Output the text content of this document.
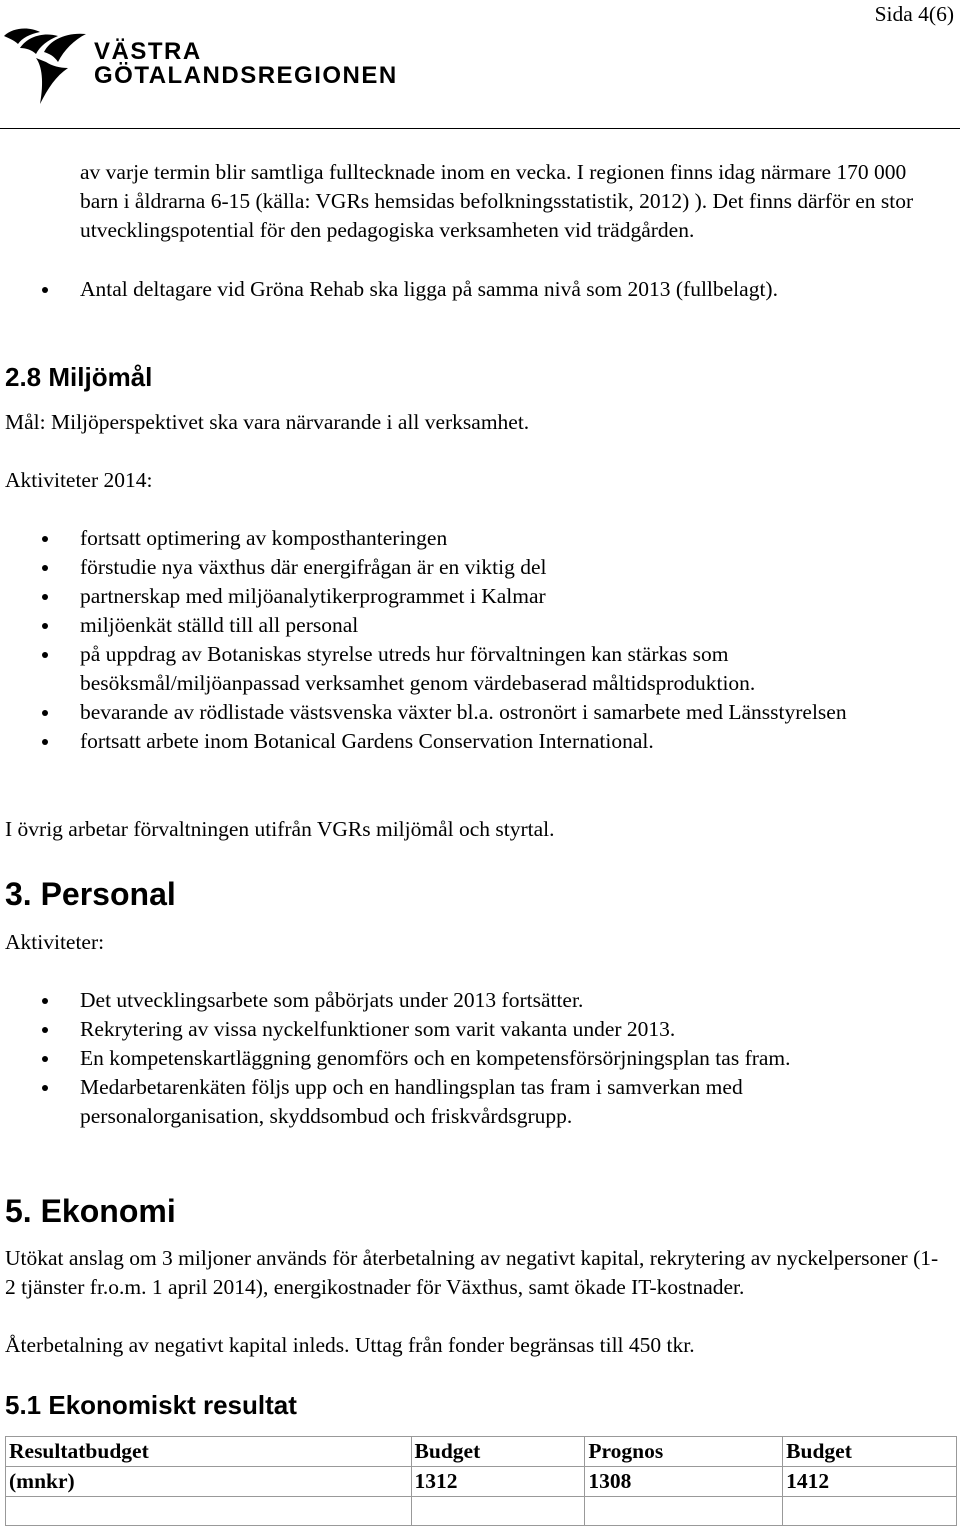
Sida 4(6)
VÄSTRA
GÖTALANDSREGIONEN
av varje termin blir samtliga fulltecknade inom en vecka. I regionen finns idag närmare 170 000 barn i åldrarna 6-15 (källa: VGRs hemsidas befolkningsstatistik, 2012) ). Det finns därför en stor utvecklingspotential för den pedagogiska verksamheten vid trädgården.
Antal deltagare vid Gröna Rehab ska ligga på samma nivå som 2013 (fullbelagt).
2.8 Miljömål
Mål: Miljöperspektivet ska vara närvarande i all verksamhet.
Aktiviteter 2014:
fortsatt optimering av komposthanteringen
förstudie nya växthus där energifrågan är en viktig del
partnerskap med miljöanalytikerprogrammet i Kalmar
miljöenkät ställd till all personal
på uppdrag av Botaniskas styrelse utreds hur förvaltningen kan stärkas som besöksmål/miljöanpassad verksamhet genom värdebaserad måltidsproduktion.
bevarande av rödlistade västsvenska växter bl.a. ostronört i samarbete med Länsstyrelsen
fortsatt arbete inom Botanical Gardens Conservation International.
I övrig arbetar förvaltningen utifrån VGRs miljömål och styrtal.
3. Personal
Aktiviteter:
Det utvecklingsarbete som påbörjats under 2013 fortsätter.
Rekrytering av vissa nyckelfunktioner som varit vakanta under 2013.
En kompetenskartläggning genomförs och en kompetensförsörjningsplan tas fram.
Medarbetarenkäten följs upp och en handlingsplan tas fram i samverkan med personalorganisation, skyddsombud och friskvårdsgrupp.
5. Ekonomi
Utökat anslag om 3 miljoner används för återbetalning av negativt kapital, rekrytering av nyckelpersoner (1-2 tjänster fr.o.m. 1 april 2014), energikostnader för Växthus, samt ökade IT-kostnader.
Återbetalning av negativt kapital inleds. Uttag från fonder begränsas till 450 tkr.
5.1 Ekonomiskt resultat
Resultatbudget	Budget	Prognos	Budget
(mnkr)	1312	1308	1412
